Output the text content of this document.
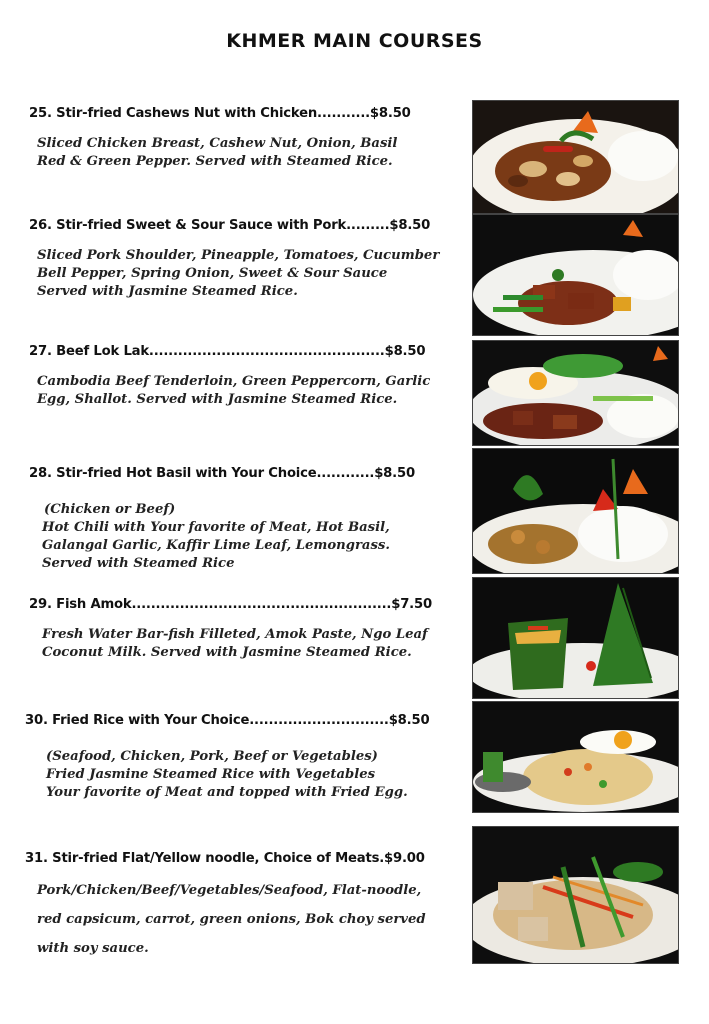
KHMER MAIN COURSES
25. Stir-fried Cashews Nut with Chicken...........$8.50
Sliced Chicken Breast, Cashew Nut, Onion, Basil
Red & Green Pepper. Served with Steamed Rice.
26. Stir-fried Sweet & Sour Sauce with Pork.........$8.50
Sliced Pork Shoulder, Pineapple, Tomatoes, Cucumber
Bell Pepper, Spring Onion, Sweet & Sour Sauce
Served with Jasmine Steamed Rice.
27. Beef Lok Lak.................................................$8.50
Cambodia Beef Tenderloin, Green Peppercorn, Garlic
Egg, Shallot. Served with Jasmine Steamed Rice.
28. Stir-fried Hot Basil with Your Choice............$8.50
(Chicken or Beef)
Hot Chili with Your favorite of Meat, Hot Basil,
Galangal Garlic, Kaffir Lime Leaf, Lemongrass.
Served with Steamed Rice
29. Fish Amok......................................................$7.50
Fresh Water Bar-fish Filleted, Amok Paste, Ngo Leaf
Coconut Milk. Served with Jasmine Steamed Rice.
30. Fried Rice with Your Choice.............................$8.50
(Seafood, Chicken, Pork, Beef or Vegetables)
Fried Jasmine Steamed Rice with Vegetables
Your favorite of Meat and topped with Fried Egg.
31. Stir-fried Flat/Yellow noodle, Choice of Meats.$9.00
Pork/Chicken/Beef/Vegetables/Seafood, Flat-noodle,
red capsicum, carrot, green onions, Bok choy served
with soy sauce.
